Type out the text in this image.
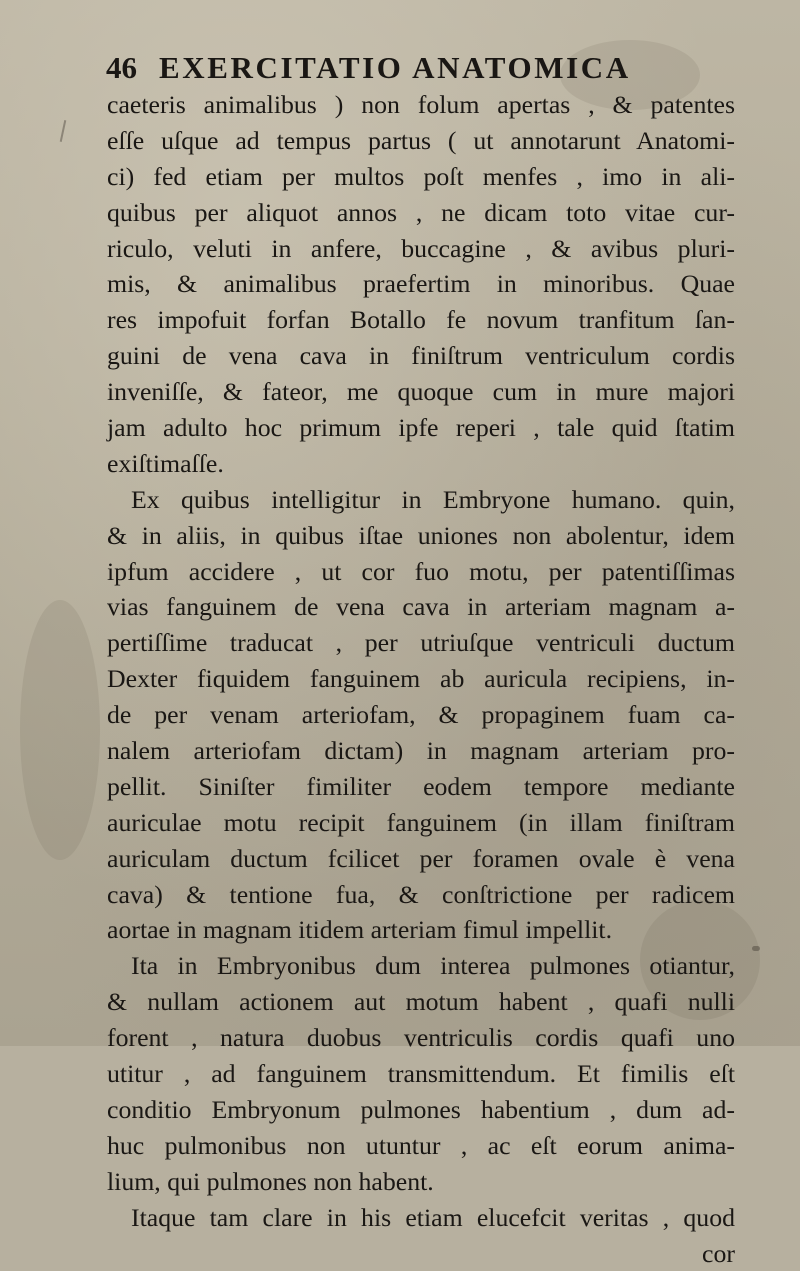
46 EXERCITATIO ANATOMICA
caeteris animalibus ) non folum apertas , & patentes
eſſe uſque ad tempus partus ( ut annotarunt Anatomi-
ci) fed etiam per multos poſt menfes , imo in ali-
quibus per aliquot annos , ne dicam toto vitae cur-
riculo, veluti in anfere, buccagine , & avibus pluri-
mis, & animalibus praefertim in minoribus. Quae
res impofuit forfan Botallo fe novum tranfitum ſan-
guini de vena cava in finiſtrum ventriculum cordis
inveniſſe, & fateor, me quoque cum in mure majori
jam adulto hoc primum ipfe reperi , tale quid ſtatim
exiſtimaſſe.
Ex quibus intelligitur in Embryone humano. quin,
& in aliis, in quibus iſtae uniones non abolentur, idem
ipfum accidere , ut cor fuo motu, per patentiſſimas
vias fanguinem de vena cava in arteriam magnam a-
pertiſſime traducat , per utriuſque ventriculi ductum
Dexter fiquidem fanguinem ab auricula recipiens, in-
de per venam arteriofam, & propaginem fuam ca-
nalem arteriofam dictam) in magnam arteriam pro-
pellit. Siniſter fimiliter eodem tempore mediante
auriculae motu recipit fanguinem (in illam finiſtram
auriculam ductum fcilicet per foramen ovale è vena
cava) & tentione fua, & conſtrictione per radicem
aortae in magnam itidem arteriam fimul impellit.
Ita in Embryonibus dum interea pulmones otiantur,
& nullam actionem aut motum habent , quafi nulli
forent , natura duobus ventriculis cordis quafi uno
utitur , ad fanguinem transmittendum. Et fimilis eſt
conditio Embryonum pulmones habentium , dum ad-
huc pulmonibus non utuntur , ac eſt eorum anima-
lium, qui pulmones non habent.
Itaque tam clare in his etiam elucefcit veritas , quod
cor
